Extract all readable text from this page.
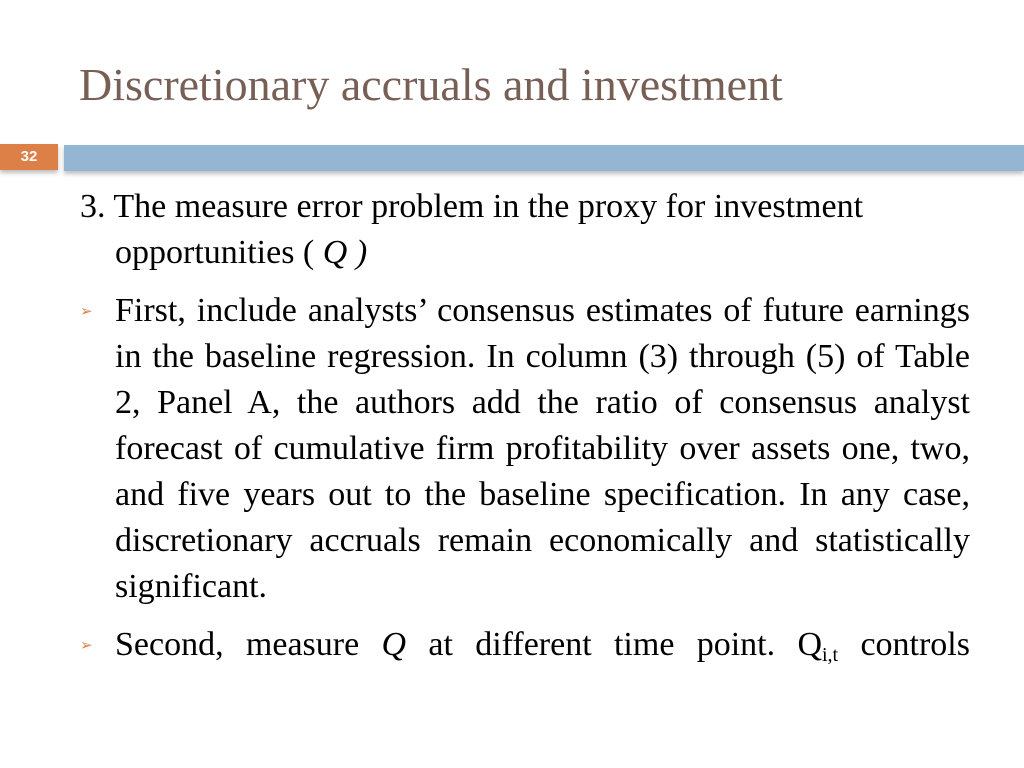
Discretionary accruals and investment
32

3. The measure error problem in the proxy for investment opportunities ( Q )

➢ First, include analysts’ consensus estimates of future earnings in the baseline regression. In column (3) through (5) of Table 2, Panel A, the authors add the ratio of consensus analyst forecast of cumulative firm profitability over assets one, two, and five years out to the baseline specification. In any case, discretionary accruals remain economically and statistically significant.
➢ Second, measure Q at different time point. $Q_{i,t}$ controls
